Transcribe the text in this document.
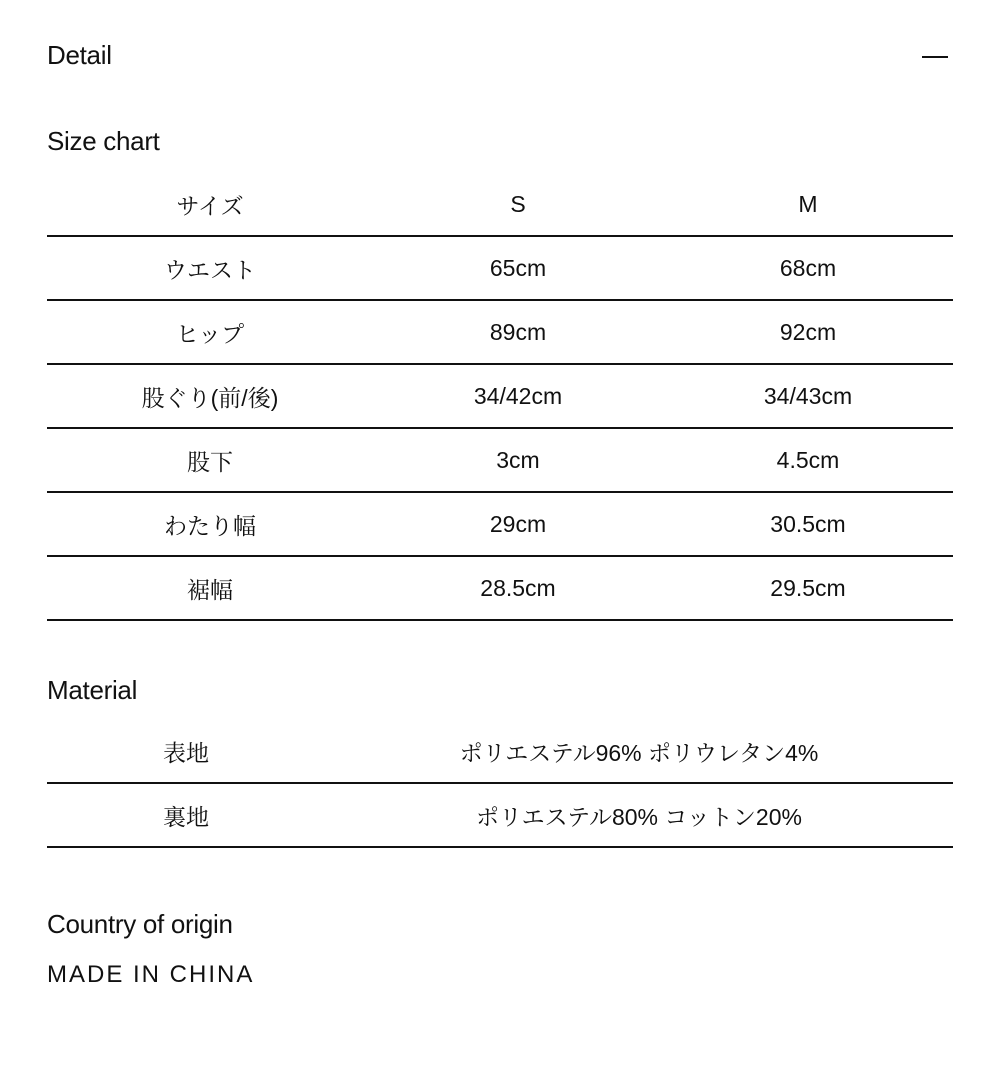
Detail
Size chart
サイズ	S	M
ウエスト	65cm	68cm
ヒップ	89cm	92cm
股ぐり(前/後)	34/42cm	34/43cm
股下	3cm	4.5cm
わたり幅	29cm	30.5cm
裾幅	28.5cm	29.5cm
Material
表地	ポリエステル96% ポリウレタン4%
裏地	ポリエステル80% コットン20%
Country of origin
MADE IN CHINA
